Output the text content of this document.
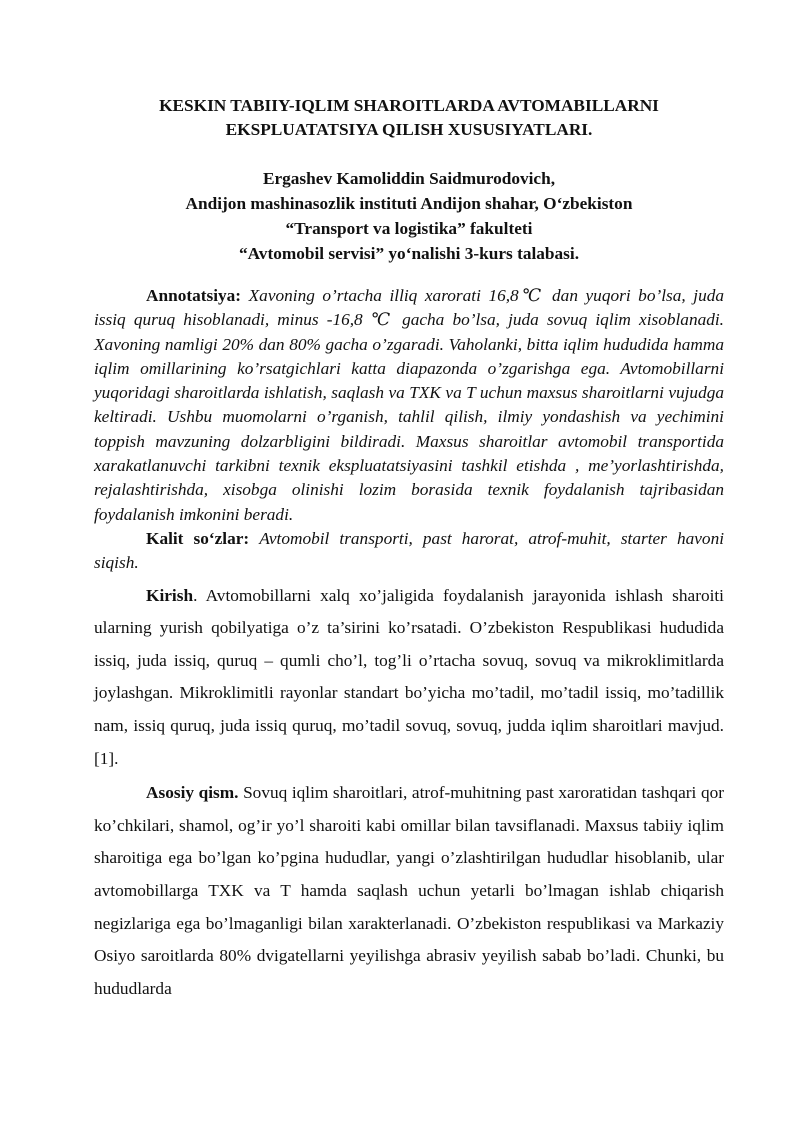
KESKIN TABIIY-IQLIM SHAROITLARDA AVTOMABILLARNI
EKSPLUATATSIYA QILISH XUSUSIYATLARI.
Ergashev Kamoliddin Saidmurodovich,
Andijon mashinasozlik instituti Andijon shahar, O‘zbekiston
“Transport va logistika” fakulteti
“Avtomobil servisi” yo‘nalishi 3-kurs talabasi.

Annotatsiya: Xavoning o’rtacha illiq xarorati 16,8℃ dan yuqori bo’lsa, juda issiq quruq hisoblanadi, minus -16,8 ℃ gacha bo’lsa, juda sovuq iqlim xisoblanadi. Xavoning namligi 20% dan 80% gacha o’zgaradi. Vaholanki, bitta iqlim hududida hamma iqlim omillarining ko’rsatgichlari katta diapazonda o’zgarishga ega. Avtomobillarni yuqoridagi sharoitlarda ishlatish, saqlash va TXK va T uchun maxsus sharoitlarni vujudga keltiradi. Ushbu muomolarni o’rganish, tahlil qilish, ilmiy yondashish va yechimini toppish mavzuning dolzarbligini bildiradi. Maxsus sharoitlar avtomobil transportida xarakatlanuvchi tarkibni texnik ekspluatatsiyasini tashkil etishda , me’yorlashtirishda, rejalashtirishda, xisobga olinishi lozim borasida texnik foydalanish tajribasidan foydalanish imkonini beradi.

Kalit so‘zlar: Avtomobil transporti, past harorat, atrof-muhit, starter havoni siqish.

Kirish. Avtomobillarni xalq xo’jaligida foydalanish jarayonida ishlash sharoiti ularning yurish qobilyatiga o’z ta’sirini ko’rsatadi. O’zbekiston Respublikasi hududida issiq, juda issiq, quruq – qumli cho’l, tog’li o’rtacha sovuq, sovuq va mikroklimitlarda joylashgan. Mikroklimitli rayonlar standart bo’yicha mo’tadil, mo’tadil issiq, mo’tadillik nam, issiq quruq, juda issiq quruq, mo’tadil sovuq, sovuq, judda iqlim sharoitlari mavjud. [1].

Asosiy qism. Sovuq iqlim sharoitlari, atrof-muhitning past xaroratidan tashqari qor ko’chkilari, shamol, og’ir yo’l sharoiti kabi omillar bilan tavsiflanadi. Maxsus tabiiy iqlim sharoitiga ega bo’lgan ko’pgina hududlar, yangi o’zlashtirilgan hududlar hisoblanib, ular avtomobillarga TXK va T hamda saqlash uchun yetarli bo’lmagan ishlab chiqarish negizlariga ega bo’lmaganligi bilan xarakterlanadi. O’zbekiston respublikasi va Markaziy Osiyo saroitlarda 80% dvigatellarni yeyilishga abrasiv yeyilish sabab bo’ladi. Chunki, bu hududlarda
